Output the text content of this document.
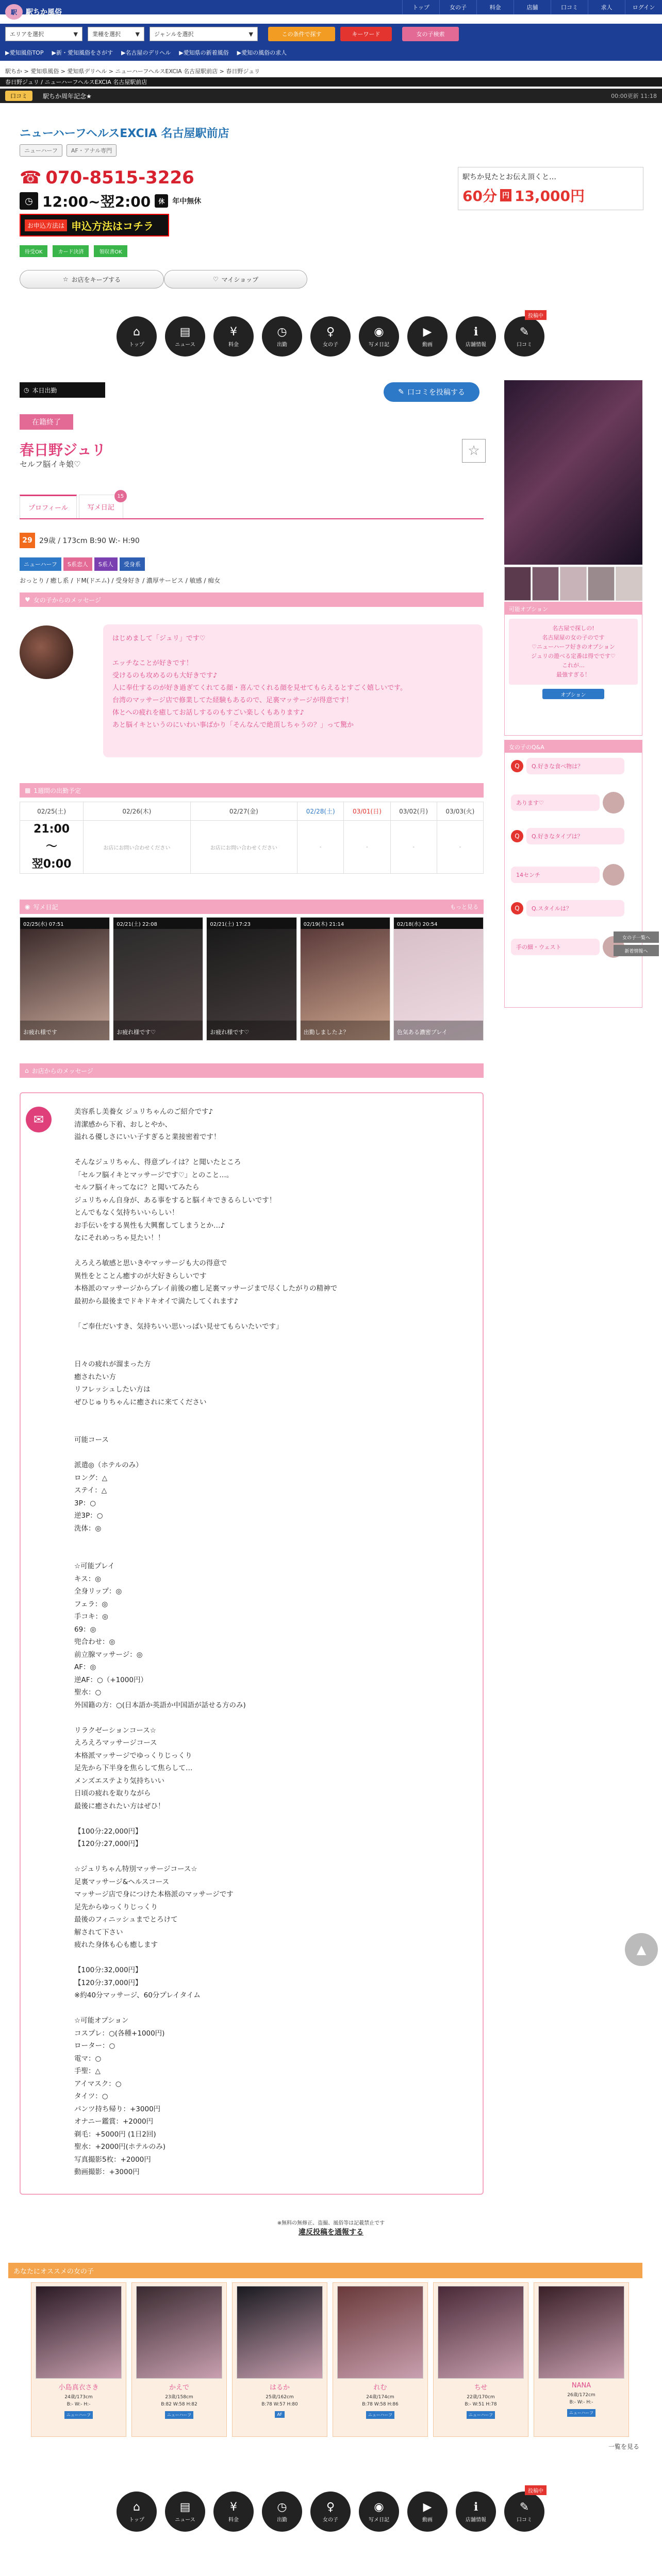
トップ	女の子	料金	店舗	口コミ	求人	ログイン
駅	駅ちか風俗
エリアを選択	▼	業種を選択	▼	ジャンルを選択	▼	この条件で探す	キーワード	女の子検索
▶愛知風俗TOP ▶新・愛知風俗をさがす ▶名古屋のデリヘル ▶愛知県の新着風俗 ▶愛知の風俗の求人
駅ちか > 愛知県風俗 > 愛知県デリヘル > ニューハーフヘルスEXCIA 名古屋駅前店 > 春日野ジュリ
春日野ジュリ / ニューハーフヘルスEXCIA 名古屋駅前店
口コミ	駅ちか周年記念★	00:00更新 11:18
ニューハーフヘルスEXCIA 名古屋駅前店
ニューハーフ	AF・アナル専門
☎ 070-8515-3226
◷ 12:00~翌2:00	休	年中無休
お申込方法は 申込方法はコチラ
待受OK	カード決済	領収書OK
☆ お店をキープする	♡ マイショップ
駅ちか見たとお伝え頂くと…
60分 円 13,000円
⌂
トップ
▤
ニュース
¥
料金
◷
出勤
♀
女の子
◉
写メ日記
▶
動画
ℹ
店舗情報
✎
口コミ
投稿中
◷ 本日出勤	✎ 口コミを投稿する
在籍終了
春日野ジュリ
セルフ脳イキ娘♡
☆
プロフィール	写メ日記
15
29 29歳 / 173cm B:90 W:- H:90
ニューハーフ	S系恋人	S系人	受身系
おっとり / 癒し系 / ドM(ドエム) / 受身好き / 濃厚サービス / 敏感 / 痴女
♥ 女の子からのメッセージ

はじめまして「ジュリ」です♡

エッチなことが好きです！

受けるのも攻めるのも大好きです♪

人に奉仕するのが好き過ぎてくれてる顔・喜んでくれる顔を見せてもらえるとすごく嬉しいです。

台湾のマッサージ店で修業してた経験もあるので、足裏マッサージが得意です！

体とへの疲れを癒してお話しするのもすごい楽しくもあります♪

あと脳イキというのにいわい事ばかり「そんなんで絶頂しちゃうの？」って驚か

▦ 1週間の出勤予定
02/25(土)	02/26(木)	02/27(金)	02/28(土)	03/01(日)	03/02(月)	03/03(火)
21:00
〜
翌0:00	お店にお問い合わせください	お店にお問い合わせください	-	-	-	-
◉ 写メ日記	もっと見る
02/25(水) 07:51
お疲れ様です
02/21(土) 22:08
お疲れ様です♡
02/21(土) 17:23
お疲れ様です♡
02/19(木) 21:14
出勤しましたよ？
02/18(水) 20:54
色気ある濃密プレイ
⌂ お店からのメッセージ
美容系し美養女 ジュリちゃんのご紹介です♪
清潔感から下着、おしとやか、
溢れる優しさにいい子すぎると業接密着です！

そんなジュリちゃん、得意プレイは？と聞いたところ
「セルフ脳イキとマッサージです♡」とのこと…。
セルフ脳イキってなに？と聞いてみたら
ジュリちゃん自身が、ある事をすると脳イキできるらしいです！
とんでもなく気持ちいいらしい！
お手伝いをする異性も大興奮してしまうとか…♪
なにそれめっちゃ見たい！！

えろえろ敏感と思いきやマッサージも大の得意で
異性をとことん癒すのが大好きらしいです
本格派のマッサージからプレイ前後の癒し足裏マッサージまで尽くしたがりの精神で
最初から最後までドキドキオイで満たしてくれます♪

「ご奉仕だいすき、気持ちいい思いっぱい見せてもらいたいです」

日々の疲れが溜まった方
癒されたい方
リフレッシュしたい方は
ぜひじゅりちゃんに癒されに来てください

可能コース

派遣◎（ホテルのみ）
ロング：△
ステイ：△
3P：○
逆3P：○
洗体：◎

☆可能プレイ
キス：◎
全身リップ：◎
フェラ：◎
手コキ：◎
69：◎
兜合わせ：◎
前立腺マッサージ：◎
AF：◎
逆AF：○（+1000円）
聖水：○
外国籍の方：○(日本語か英語か中国語が話せる方のみ)

リラクゼーションコース☆
えろえろマッサージコース
本格派マッサージでゆっくりじっくり
足先から下半身を焦らして焦らして…
メンズエステより気持ちいい
日頃の疲れを取りながら
最後に癒されたい方はぜひ！

【100分:22,000円】
【120分:27,000円】

☆ジュリちゃん特別マッサージコース☆
足裏マッサージ&ヘルスコース
マッサージ店で身につけた本格派のマッサージです
足先からゆっくりじっくり
最後のフィニッシュまでとろけて
解されて下さい
疲れた身体も心も癒します

【100分:32,000円】
【120分:37,000円】
※約40分マッサージ、60分プレイタイム

☆可能オプション
コスプレ：○(各種+1000円)
ローター：○
電マ：○
手聖：△
アイマスク：○
タイツ：○
パンツ持ち帰り：+3000円
オナニー鑑賞：+2000円
剃毛：+5000円 (1日2回)
聖水：+2000円(ホテルのみ)
写真撮影5枚：+2000円
動画撮影：+3000円
✉
※無料の無修正、盗撮、風俗等は記載禁止です
違反投稿を通報する
あなたにオススメの女の子
小島真衣さき
24歳/173cm
B:- W:- H:-
ニューハーフ
かえで
23歳/158cm
B:82 W:58 H:82
ニューハーフ
はるか
25歳/162cm
B:78 W:57 H:80
AF
れむ
24歳/174cm
B:78 W:58 H:86
ニューハーフ
ちせ
22歳/170cm
B:- W:51 H:78
ニューハーフ
NANA
26歳/172cm
B:- W:- H:-
ニューハーフ
一覧を見る
⌂
トップ
▤
ニュース
¥
料金
◷
出勤
♀
女の子
◉
写メ日記
▶
動画
ℹ
店舗情報
✎
口コミ
投稿中
可能オプション
名古屋で探しの!
名古屋屋の女の子のです
♡ニューハーフ好きのオプション
ジュリの遊べる定番は得でです♡
これが…
最強すぎる！
オプション
女の子のQ&A
Q	Q.好きな食べ物は？
あります♡
Q	Q.好きなタイプは？
14センチ
Q	Q.スタイルは？
手の細・ウェスト
女の子一覧へ
新着情報へ
▲
